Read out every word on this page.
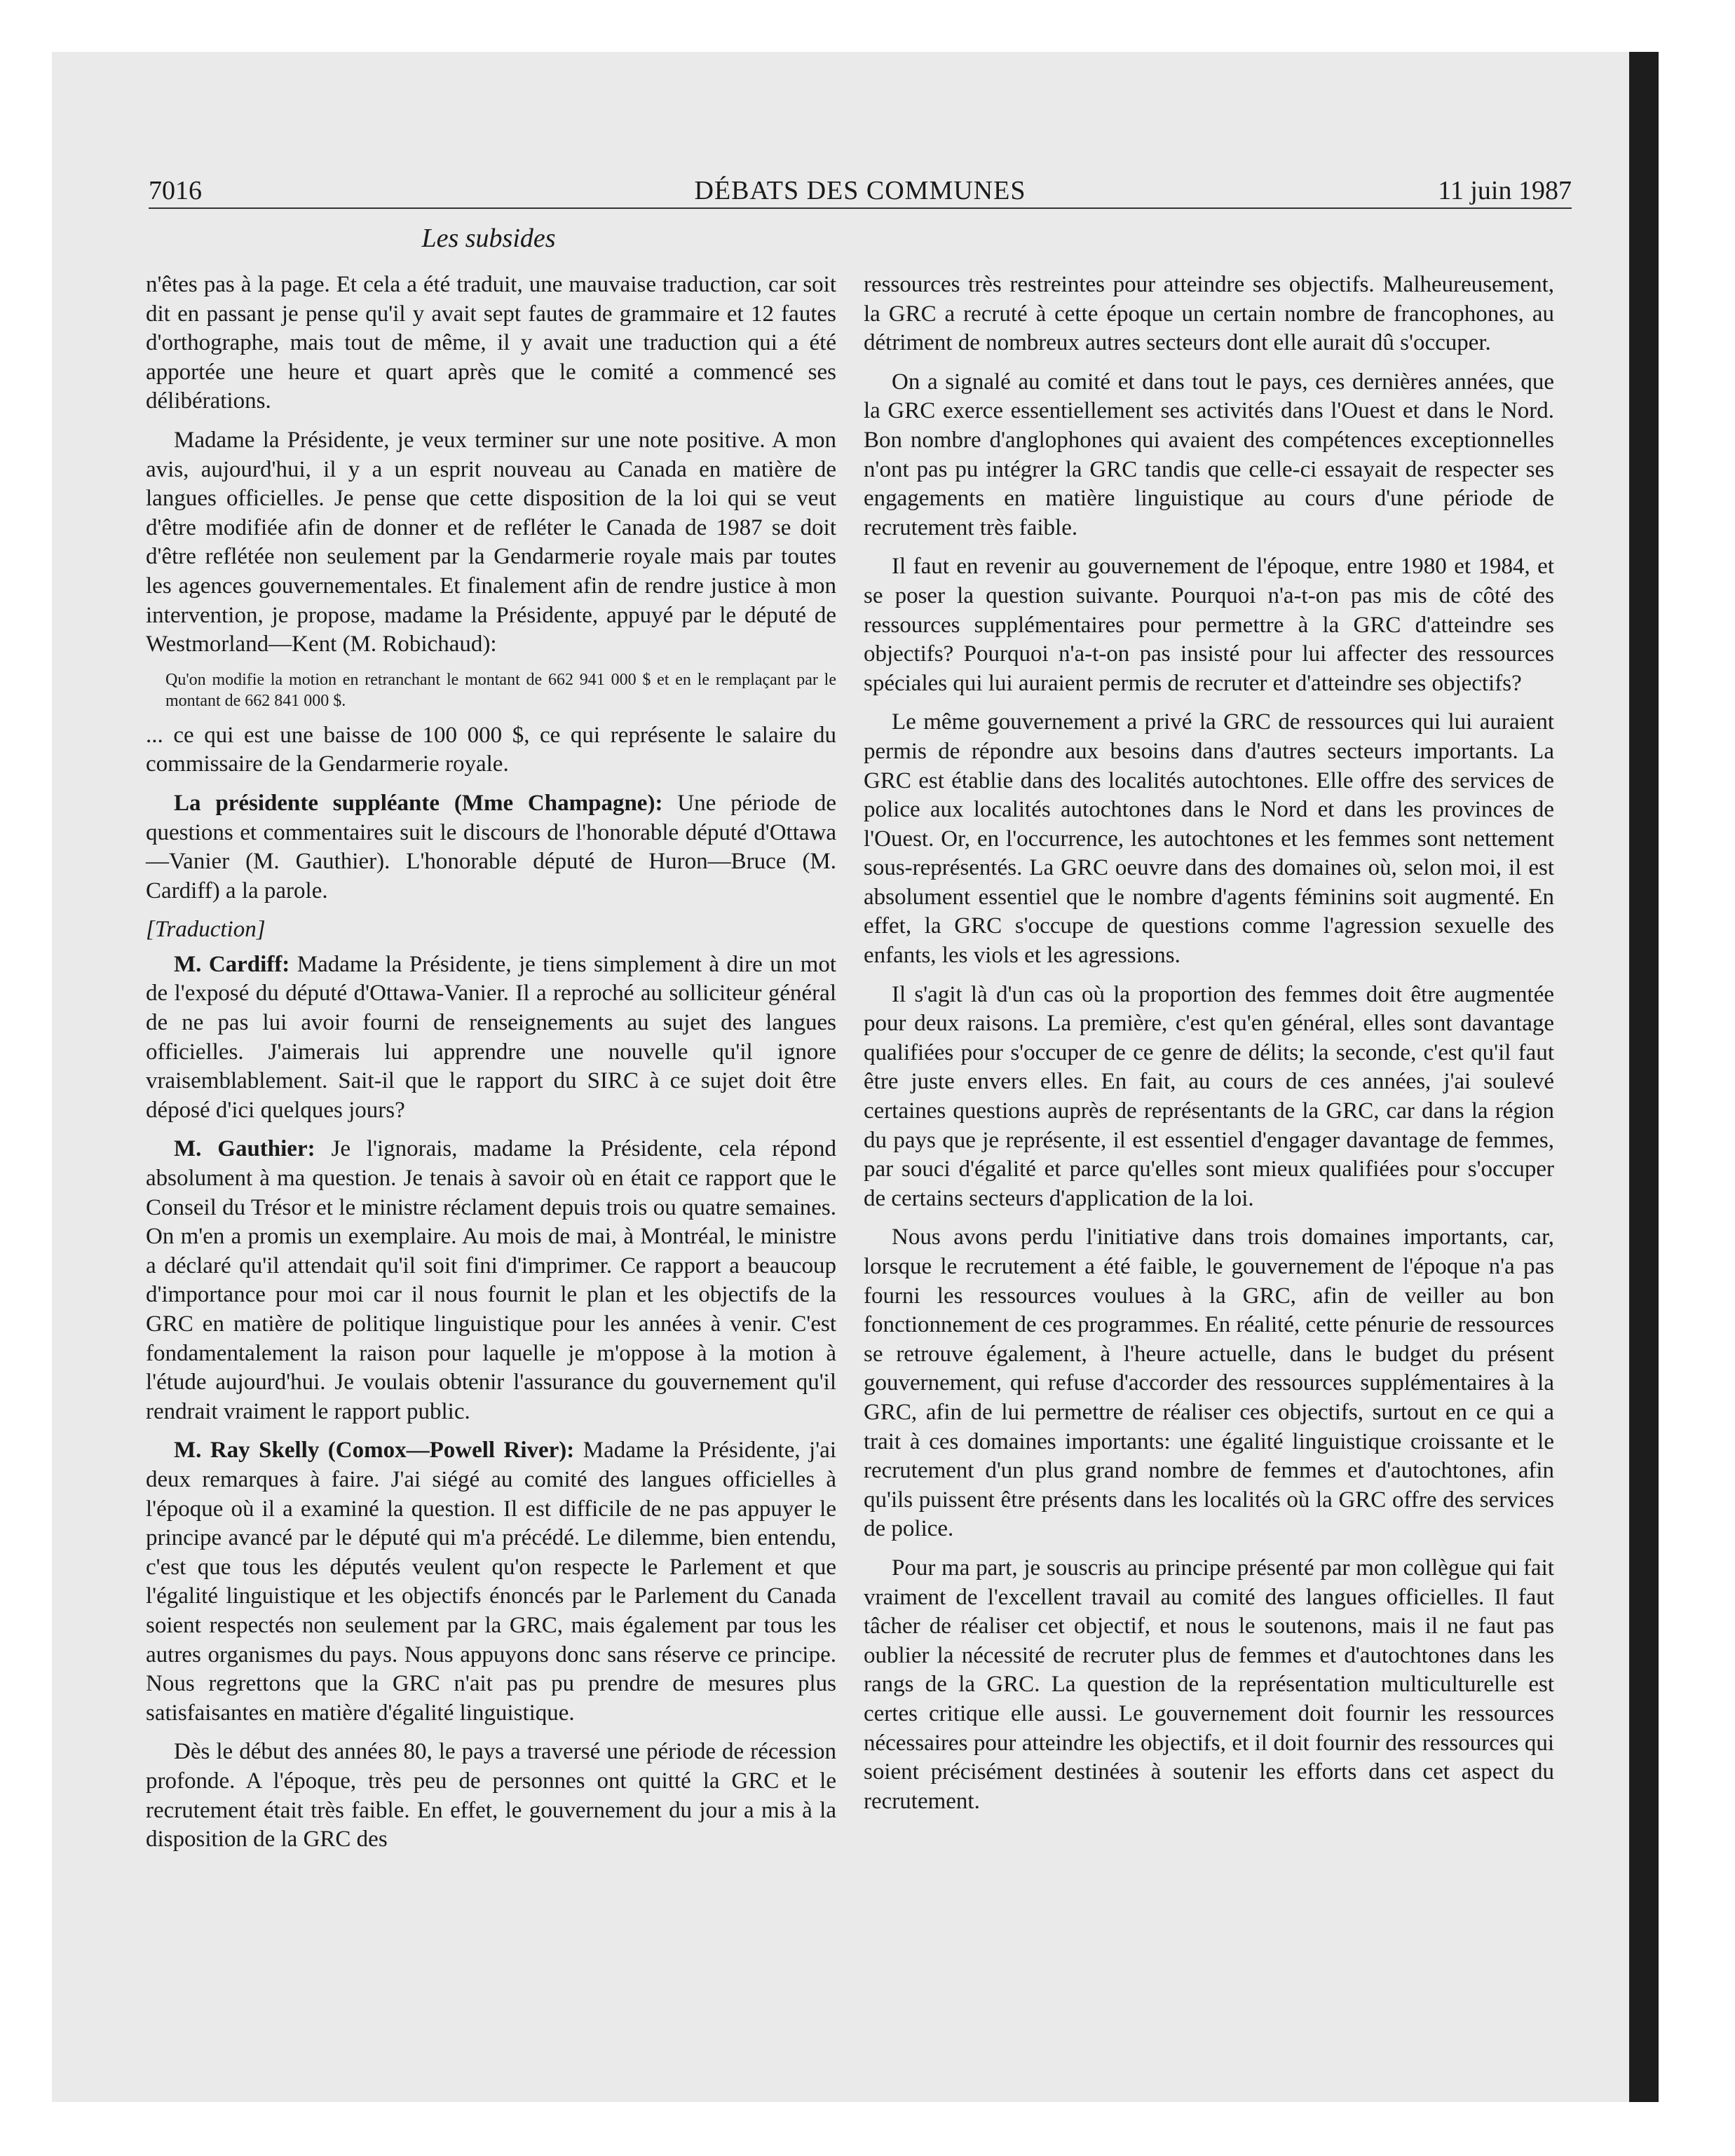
7016	DÉBATS DES COMMUNES	11 juin 1987
Les subsides

n'êtes pas à la page. Et cela a été traduit, une mauvaise traduction, car soit dit en passant je pense qu'il y avait sept fautes de grammaire et 12 fautes d'orthographe, mais tout de même, il y avait une traduction qui a été apportée une heure et quart après que le comité a commencé ses délibérations.

Madame la Présidente, je veux terminer sur une note positive. A mon avis, aujourd'hui, il y a un esprit nouveau au Canada en matière de langues officielles. Je pense que cette disposition de la loi qui se veut d'être modifiée afin de donner et de refléter le Canada de 1987 se doit d'être reflétée non seulement par la Gendarmerie royale mais par toutes les agences gouvernementales. Et finalement afin de rendre justice à mon intervention, je propose, madame la Présidente, appuyé par le député de Westmorland—Kent (M. Robichaud):

Qu'on modifie la motion en retranchant le montant de 662 941 000 $ et en le remplaçant par le montant de 662 841 000 $.

... ce qui est une baisse de 100 000 $, ce qui représente le salaire du commissaire de la Gendarmerie royale.

La présidente suppléante (Mme Champagne): Une période de questions et commentaires suit le discours de l'honorable député d'Ottawa—Vanier (M. Gauthier). L'honorable député de Huron—Bruce (M. Cardiff) a la parole.

[Traduction]

M. Cardiff: Madame la Présidente, je tiens simplement à dire un mot de l'exposé du député d'Ottawa-Vanier. Il a reproché au solliciteur général de ne pas lui avoir fourni de renseignements au sujet des langues officielles. J'aimerais lui apprendre une nouvelle qu'il ignore vraisemblablement. Sait-il que le rapport du SIRC à ce sujet doit être déposé d'ici quelques jours?

M. Gauthier: Je l'ignorais, madame la Présidente, cela répond absolument à ma question. Je tenais à savoir où en était ce rapport que le Conseil du Trésor et le ministre réclament depuis trois ou quatre semaines. On m'en a promis un exemplaire. Au mois de mai, à Montréal, le ministre a déclaré qu'il attendait qu'il soit fini d'imprimer. Ce rapport a beaucoup d'importance pour moi car il nous fournit le plan et les objectifs de la GRC en matière de politique linguistique pour les années à venir. C'est fondamentalement la raison pour laquelle je m'oppose à la motion à l'étude aujourd'hui. Je voulais obtenir l'assurance du gouvernement qu'il rendrait vraiment le rapport public.

M. Ray Skelly (Comox—Powell River): Madame la Présidente, j'ai deux remarques à faire. J'ai siégé au comité des langues officielles à l'époque où il a examiné la question. Il est difficile de ne pas appuyer le principe avancé par le député qui m'a précédé. Le dilemme, bien entendu, c'est que tous les députés veulent qu'on respecte le Parlement et que l'égalité linguistique et les objectifs énoncés par le Parlement du Canada soient respectés non seulement par la GRC, mais également par tous les autres organismes du pays. Nous appuyons donc sans réserve ce principe. Nous regrettons que la GRC n'ait pas pu prendre de mesures plus satisfaisantes en matière d'égalité linguistique.

Dès le début des années 80, le pays a traversé une période de récession profonde. A l'époque, très peu de personnes ont quitté la GRC et le recrutement était très faible. En effet, le gouvernement du jour a mis à la disposition de la GRC des

ressources très restreintes pour atteindre ses objectifs. Malheureusement, la GRC a recruté à cette époque un certain nombre de francophones, au détriment de nombreux autres secteurs dont elle aurait dû s'occuper.

On a signalé au comité et dans tout le pays, ces dernières années, que la GRC exerce essentiellement ses activités dans l'Ouest et dans le Nord. Bon nombre d'anglophones qui avaient des compétences exceptionnelles n'ont pas pu intégrer la GRC tandis que celle-ci essayait de respecter ses engagements en matière linguistique au cours d'une période de recrutement très faible.

Il faut en revenir au gouvernement de l'époque, entre 1980 et 1984, et se poser la question suivante. Pourquoi n'a-t-on pas mis de côté des ressources supplémentaires pour permettre à la GRC d'atteindre ses objectifs? Pourquoi n'a-t-on pas insisté pour lui affecter des ressources spéciales qui lui auraient permis de recruter et d'atteindre ses objectifs?

Le même gouvernement a privé la GRC de ressources qui lui auraient permis de répondre aux besoins dans d'autres secteurs importants. La GRC est établie dans des localités autochtones. Elle offre des services de police aux localités autochtones dans le Nord et dans les provinces de l'Ouest. Or, en l'occurrence, les autochtones et les femmes sont nettement sous-représentés. La GRC oeuvre dans des domaines où, selon moi, il est absolument essentiel que le nombre d'agents féminins soit augmenté. En effet, la GRC s'occupe de questions comme l'agression sexuelle des enfants, les viols et les agressions.

Il s'agit là d'un cas où la proportion des femmes doit être augmentée pour deux raisons. La première, c'est qu'en général, elles sont davantage qualifiées pour s'occuper de ce genre de délits; la seconde, c'est qu'il faut être juste envers elles. En fait, au cours de ces années, j'ai soulevé certaines questions auprès de représentants de la GRC, car dans la région du pays que je représente, il est essentiel d'engager davantage de femmes, par souci d'égalité et parce qu'elles sont mieux qualifiées pour s'occuper de certains secteurs d'application de la loi.

Nous avons perdu l'initiative dans trois domaines importants, car, lorsque le recrutement a été faible, le gouvernement de l'époque n'a pas fourni les ressources voulues à la GRC, afin de veiller au bon fonctionnement de ces programmes. En réalité, cette pénurie de ressources se retrouve également, à l'heure actuelle, dans le budget du présent gouvernement, qui refuse d'accorder des ressources supplémentaires à la GRC, afin de lui permettre de réaliser ces objectifs, surtout en ce qui a trait à ces domaines importants: une égalité linguistique croissante et le recrutement d'un plus grand nombre de femmes et d'autochtones, afin qu'ils puissent être présents dans les localités où la GRC offre des services de police.

Pour ma part, je souscris au principe présenté par mon collègue qui fait vraiment de l'excellent travail au comité des langues officielles. Il faut tâcher de réaliser cet objectif, et nous le soutenons, mais il ne faut pas oublier la nécessité de recruter plus de femmes et d'autochtones dans les rangs de la GRC. La question de la représentation multiculturelle est certes critique elle aussi. Le gouvernement doit fournir les ressources nécessaires pour atteindre les objectifs, et il doit fournir des ressources qui soient précisément destinées à soutenir les efforts dans cet aspect du recrutement.
